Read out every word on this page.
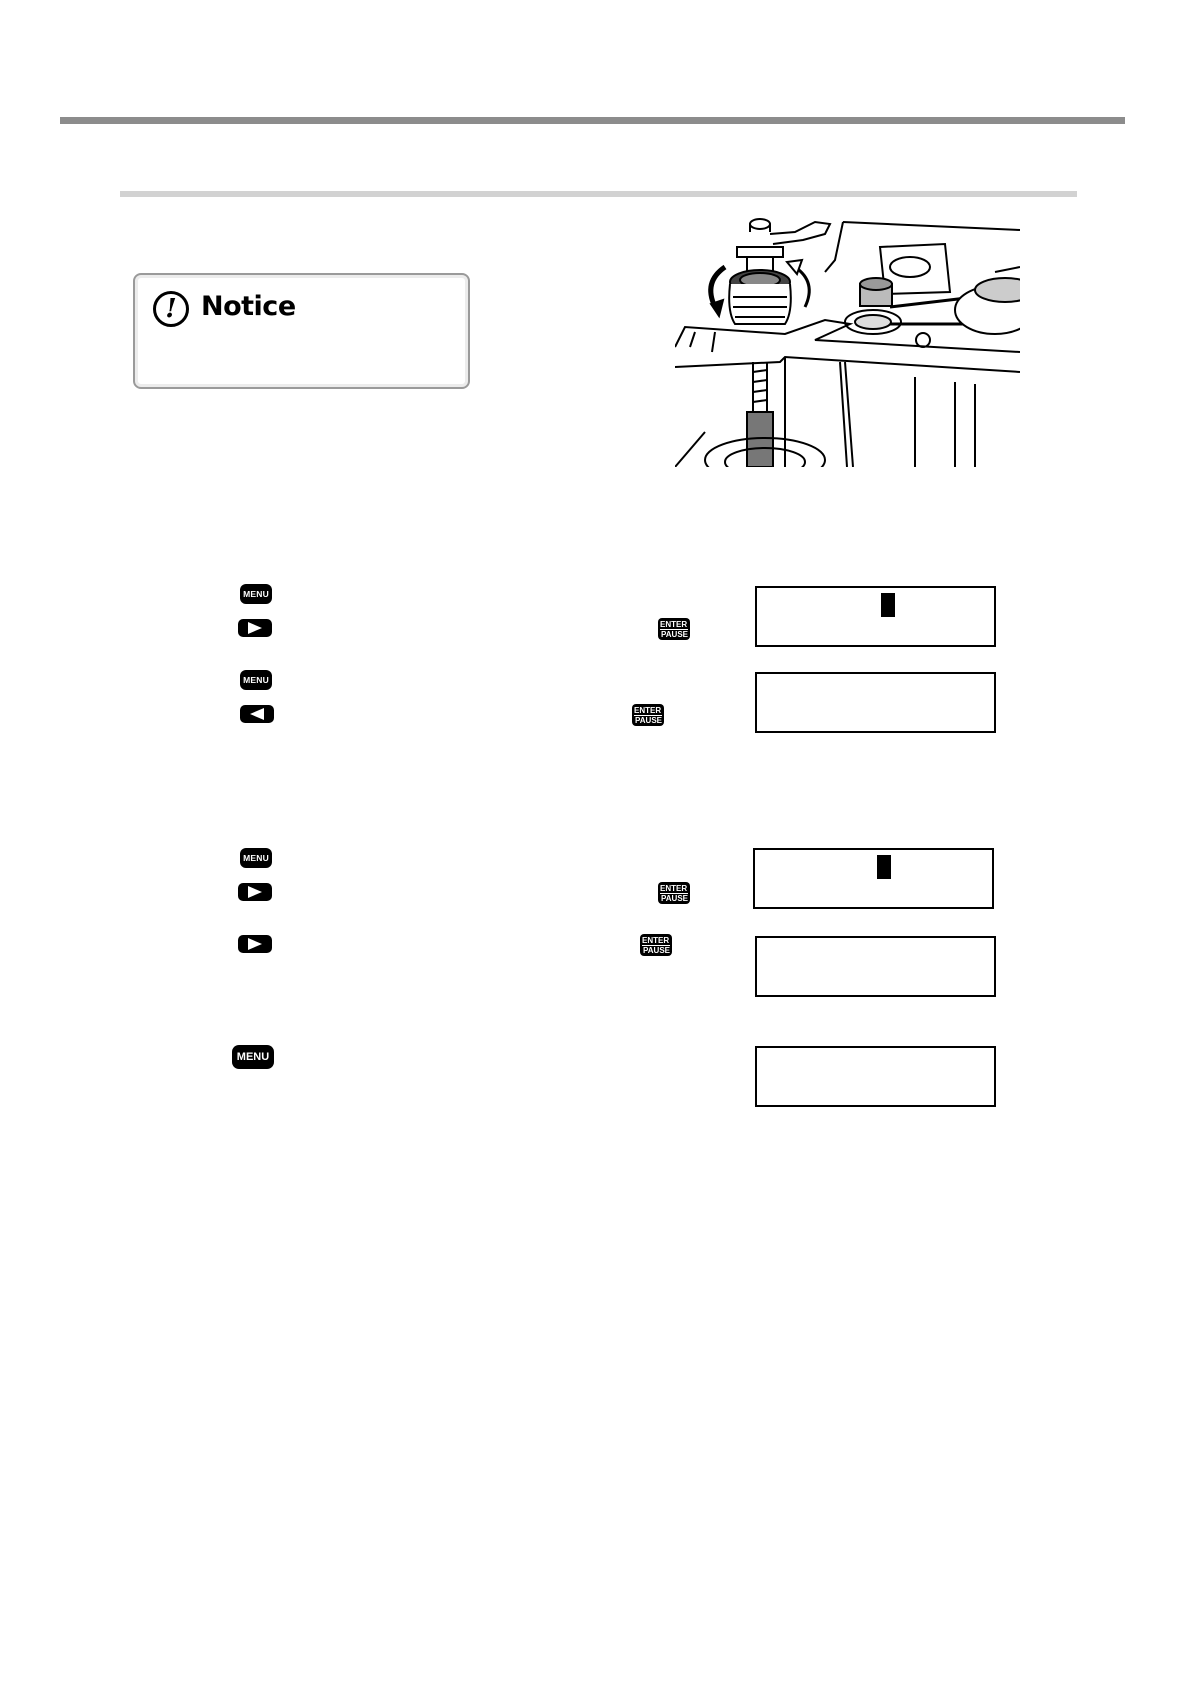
! Notice
MENU
ENTER
PAUSE
MENU
ENTER
PAUSE
MENU
ENTER
PAUSE
ENTER
PAUSE
MENU
